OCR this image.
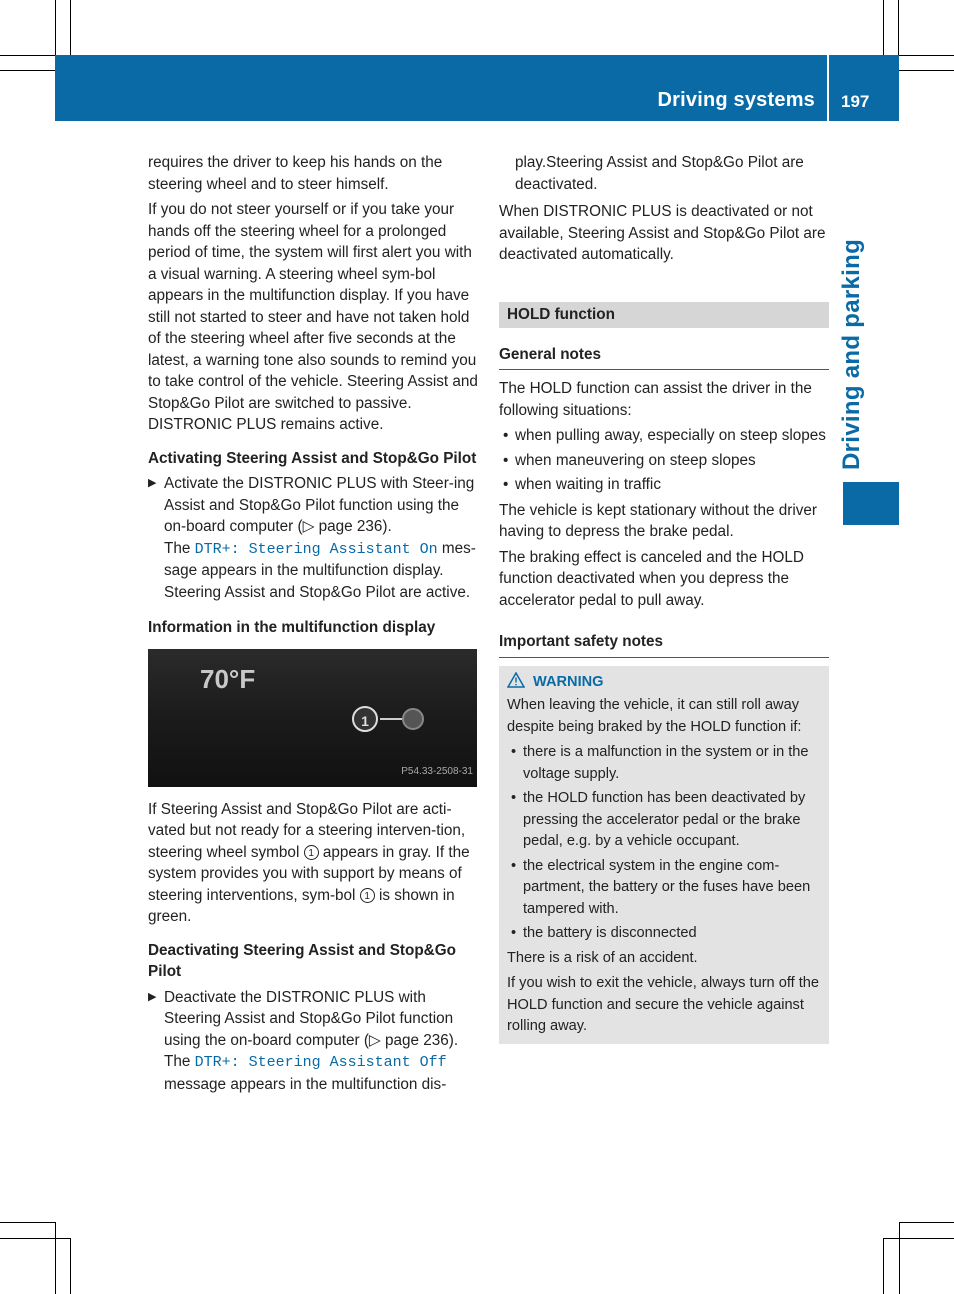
Driving systems 197
Driving and parking

requires the driver to keep his hands on the steering wheel and to steer himself.

If you do not steer yourself or if you take your hands off the steering wheel for a prolonged period of time, the system will first alert you with a visual warning. A steering wheel sym-bol appears in the multifunction display. If you have still not started to steer and have not taken hold of the steering wheel after five seconds at the latest, a warning tone also sounds to remind you to take control of the vehicle. Steering Assist and Stop&Go Pilot are switched to passive. DISTRONIC PLUS remains active.

Activating Steering Assist and Stop&Go Pilot
▶ Activate the DISTRONIC PLUS with Steer-ing Assist and Stop&Go Pilot function using the on-board computer (▷ page 236).
The DTR+: Steering Assistant On mes-sage appears in the multifunction display. Steering Assist and Stop&Go Pilot are active.
Information in the multifunction display
70°F
1
P54.33-2508-31

If Steering Assist and Stop&Go Pilot are acti-vated but not ready for a steering interven-tion, steering wheel symbol 1 appears in gray. If the system provides you with support by means of steering interventions, sym-bol 1 is shown in green.

Deactivating Steering Assist and Stop&Go Pilot
▶ Deactivate the DISTRONIC PLUS with Steering Assist and Stop&Go Pilot function using the on-board computer (▷ page 236).
The DTR+: Steering Assistant Off message appears in the multifunction dis-

play.Steering Assist and Stop&Go Pilot are deactivated.

When DISTRONIC PLUS is deactivated or not available, Steering Assist and Stop&Go Pilot are deactivated automatically.

HOLD function
General notes

The HOLD function can assist the driver in the following situations:

• when pulling away, especially on steep slopes
• when maneuvering on steep slopes
• when waiting in traffic

The vehicle is kept stationary without the driver having to depress the brake pedal.

The braking effect is canceled and the HOLD function deactivated when you depress the accelerator pedal to pull away.

Important safety notes
WARNING

When leaving the vehicle, it can still roll away despite being braked by the HOLD function if:

• there is a malfunction in the system or in the voltage supply.
• the HOLD function has been deactivated by pressing the accelerator pedal or the brake pedal, e.g. by a vehicle occupant.
• the electrical system in the engine com-partment, the battery or the fuses have been tampered with.
• the battery is disconnected

There is a risk of an accident.

If you wish to exit the vehicle, always turn off the HOLD function and secure the vehicle against rolling away.
